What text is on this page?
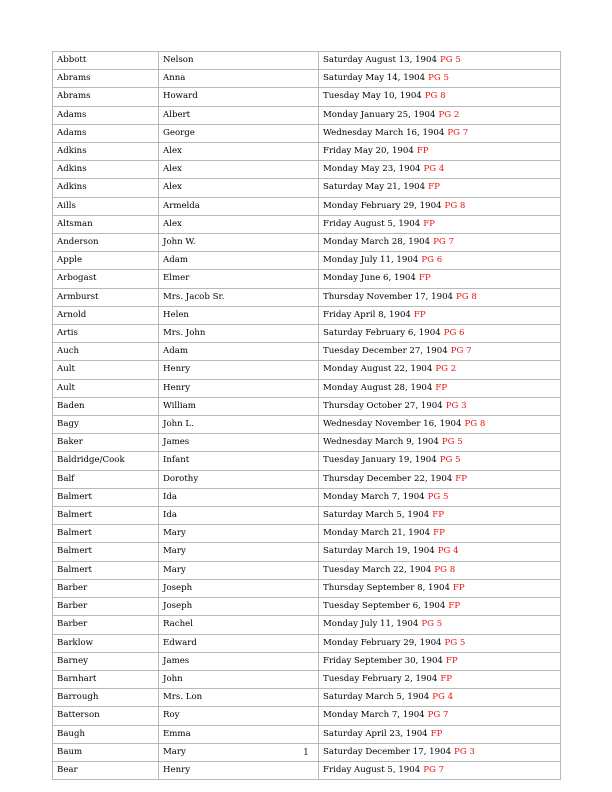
Abbott	Nelson	Saturday August 13, 1904 PG 5
Abrams	Anna	Saturday May 14, 1904 PG 5
Abrams	Howard	Tuesday May 10, 1904 PG 8
Adams	Albert	Monday January 25, 1904 PG 2
Adams	George	Wednesday March 16, 1904 PG 7
Adkins	Alex	Friday May 20, 1904 FP
Adkins	Alex	Monday May 23, 1904 PG 4
Adkins	Alex	Saturday May 21, 1904 FP
Aills	Armelda	Monday February 29, 1904 PG 8
Altsman	Alex	Friday August 5, 1904 FP
Anderson	John W.	Monday March 28, 1904 PG 7
Apple	Adam	Monday July 11, 1904 PG 6
Arbogast	Elmer	Monday June 6, 1904 FP
Armburst	Mrs. Jacob Sr.	Thursday November 17, 1904 PG 8
Arnold	Helen	Friday April 8, 1904 FP
Artis	Mrs. John	Saturday February 6, 1904 PG 6
Auch	Adam	Tuesday December 27, 1904 PG 7
Ault	Henry	Monday August 22, 1904 PG 2
Ault	Henry	Monday August 28, 1904 FP
Baden	William	Thursday October 27, 1904 PG 3
Bagy	John L.	Wednesday November 16, 1904 PG 8
Baker	James	Wednesday March 9, 1904 PG 5
Baldridge/Cook	Infant	Tuesday January 19, 1904 PG 5
Balf	Dorothy	Thursday December 22, 1904 FP
Balmert	Ida	Monday March 7, 1904 PG 5
Balmert	Ida	Saturday March 5, 1904 FP
Balmert	Mary	Monday March 21, 1904 FP
Balmert	Mary	Saturday March 19, 1904 PG 4
Balmert	Mary	Tuesday March 22, 1904 PG 8
Barber	Joseph	Thursday September 8, 1904 FP
Barber	Joseph	Tuesday September 6, 1904 FP
Barber	Rachel	Monday July 11, 1904 PG 5
Barklow	Edward	Monday February 29, 1904 PG 5
Barney	James	Friday September 30, 1904 FP
Barnhart	John	Tuesday February 2, 1904 FP
Barrough	Mrs. Lon	Saturday March 5, 1904 PG 4
Batterson	Roy	Monday March 7, 1904 PG 7
Baugh	Emma	Saturday April 23, 1904 FP
Baum	Mary	Saturday December 17, 1904 PG 3
Bear	Henry	Friday August 5, 1904 PG 7
1
